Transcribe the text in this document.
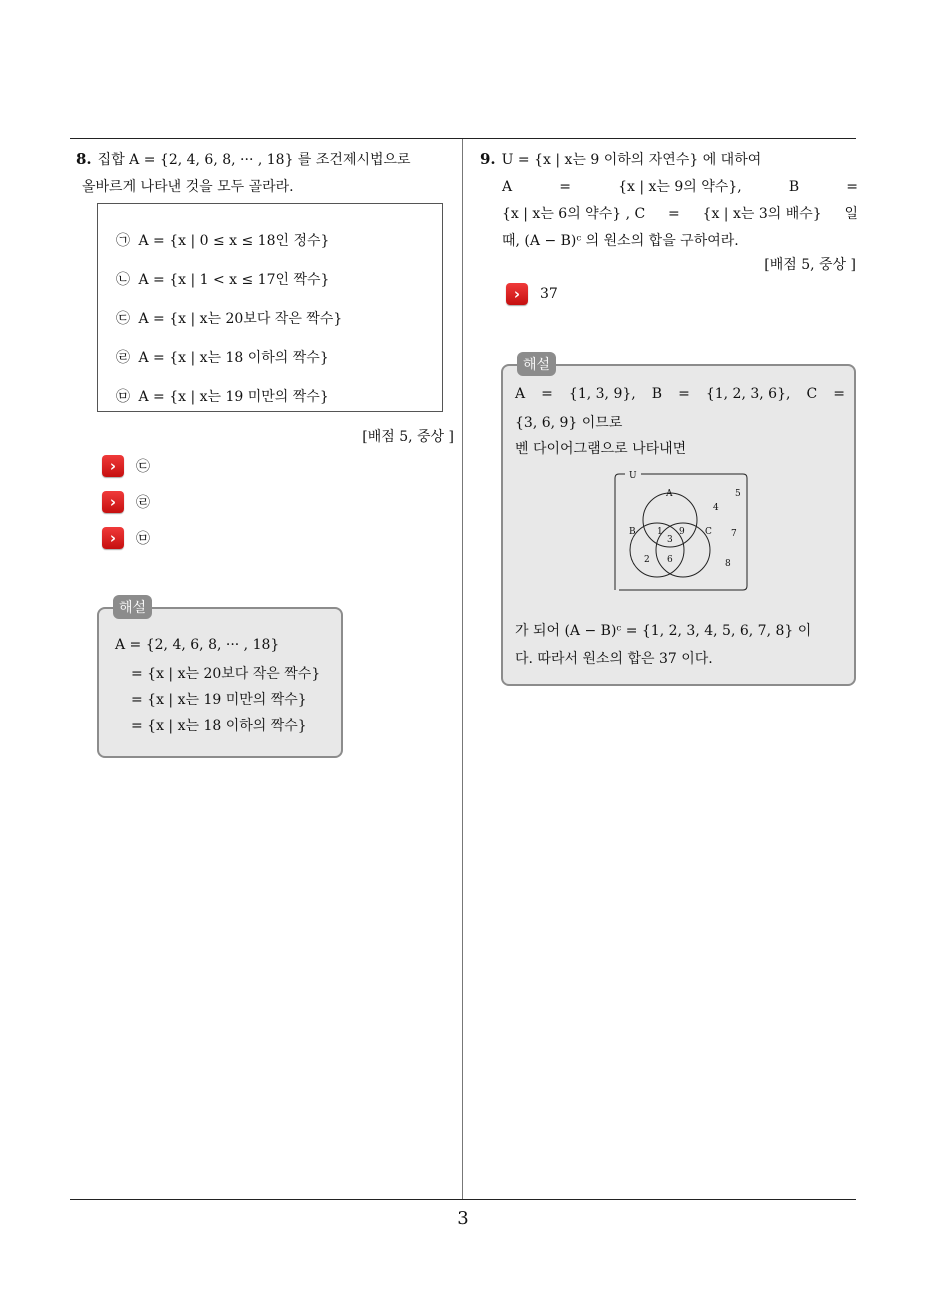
8. 집합 A = {2, 4, 6, 8, ··· , 18} 를 조건제시법으로
올바르게 나타낸 것을 모두 골라라.
㉠ A = {x | 0 ≤ x ≤ 18인 정수}
㉡ A = {x | 1 < x ≤ 17인 짝수}
㉢ A = {x | x는 20보다 작은 짝수}
㉣ A = {x | x는 18 이하의 짝수}
㉤ A = {x | x는 19 미만의 짝수}
[배점 5, 중상 ]
›	㉢
›	㉣
›	㉤
해설
A = {2, 4, 6, 8, ··· , 18}
= {x | x는 20보다 작은 짝수}
= {x | x는 19 미만의 짝수}
= {x | x는 18 이하의 짝수}
9. U = {x | x는 9 이하의 자연수} 에 대하여
A	=	{x | x는 9의 약수},	B	=
{x | x는 6의 약수} , C = {x | x는 3의 배수} 일
때, (A − B)ᶜ 의 원소의 합을 구하여라.
[배점 5, 중상 ]
›	37
해설
A = {1, 3, 9}, B = {1, 2, 3, 6}, C =
{3, 6, 9} 이므로
벤 다이어그램으로 나타내면
U
A
B	C
1
2
3
4
5
6
7
8
9
가 되어 (A − B)ᶜ = {1, 2, 3, 4, 5, 6, 7, 8} 이
다. 따라서 원소의 합은 37 이다.
3
